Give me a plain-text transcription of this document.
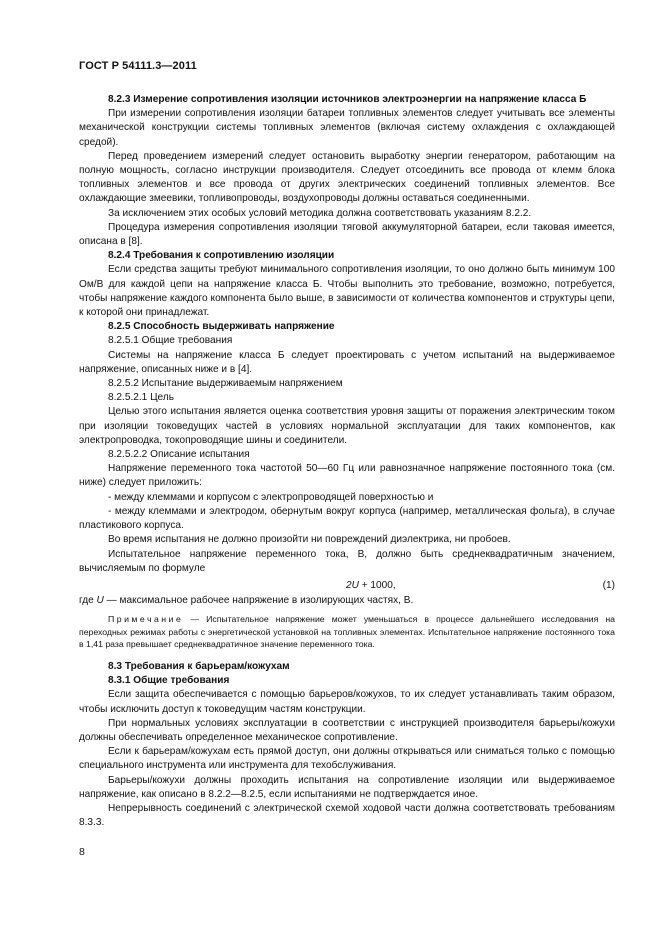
ГОСТ Р 54111.3—2011

8.2.3 Измерение сопротивления изоляции источников электроэнергии на напряжение класса Б

При измерении сопротивления изоляции батареи топливных элементов следует учитывать все элементы механической конструкции системы топливных элементов (включая систему охлаждения с охлаждающей средой).

Перед проведением измерений следует остановить выработку энергии генератором, работающим на полную мощность, согласно инструкции производителя. Следует отсоединить все провода от клемм блока топливных элементов и все провода от других электрических соединений топливных элементов. Все охлаждающие змеевики, топливопроводы, воздухопроводы должны оставаться соединенными.

За исключением этих особых условий методика должна соответствовать указаниям 8.2.2.

Процедура измерения сопротивления изоляции тяговой аккумуляторной батареи, если таковая имеется, описана в [8].

8.2.4 Требования к сопротивлению изоляции

Если средства защиты требуют минимального сопротивления изоляции, то оно должно быть минимум 100 Ом/В для каждой цепи на напряжение класса Б. Чтобы выполнить это требование, возможно, потребуется, чтобы напряжение каждого компонента было выше, в зависимости от количества компонентов и структуры цепи, к которой они принадлежат.

8.2.5 Способность выдерживать напряжение

8.2.5.1 Общие требования

Системы на напряжение класса Б следует проектировать с учетом испытаний на выдерживаемое напряжение, описанных ниже и в [4].

8.2.5.2 Испытание выдерживаемым напряжением

8.2.5.2.1 Цель

Целью этого испытания является оценка соответствия уровня защиты от поражения электрическим током при изоляции токоведущих частей в условиях нормальной эксплуатации для таких компонентов, как электропроводка, токопроводящие шины и соединители.

8.2.5.2.2 Описание испытания

Напряжение переменного тока частотой 50—60 Гц или равнозначное напряжение постоянного тока (см. ниже) следует приложить:

- между клеммами и корпусом с электропроводящей поверхностью и

- между клеммами и электродом, обернутым вокруг корпуса (например, металлическая фольга), в случае пластикового корпуса.

Во время испытания не должно произойти ни повреждений диэлектрика, ни пробоев.

Испытательное напряжение переменного тока, В, должно быть среднеквадратичным значением, вычисляемым по формуле

2U + 1000,	(1)

где U — максимальное рабочее напряжение в изолирующих частях, В.

Примечание — Испытательное напряжение может уменьшаться в процессе дальнейшего исследования на переходных режимах работы с энергетической установкой на топливных элементах. Испытательное напряжение постоянного тока в 1,41 раза превышает среднеквадратичное значение переменного тока.

8.3 Требования к барьерам/кожухам

8.3.1 Общие требования

Если защита обеспечивается с помощью барьеров/кожухов, то их следует устанавливать таким образом, чтобы исключить доступ к токоведущим частям конструкции.

При нормальных условиях эксплуатации в соответствии с инструкцией производителя барьеры/кожухи должны обеспечивать определенное механическое сопротивление.

Если к барьерам/кожухам есть прямой доступ, они должны открываться или сниматься только с помощью специального инструмента или инструмента для техобслуживания.

Барьеры/кожухи должны проходить испытания на сопротивление изоляции или выдерживаемое напряжение, как описано в 8.2.2—8.2.5, если испытаниями не подтверждается иное.

Непрерывность соединений с электрической схемой ходовой части должна соответствовать требованиям 8.3.3.

8
